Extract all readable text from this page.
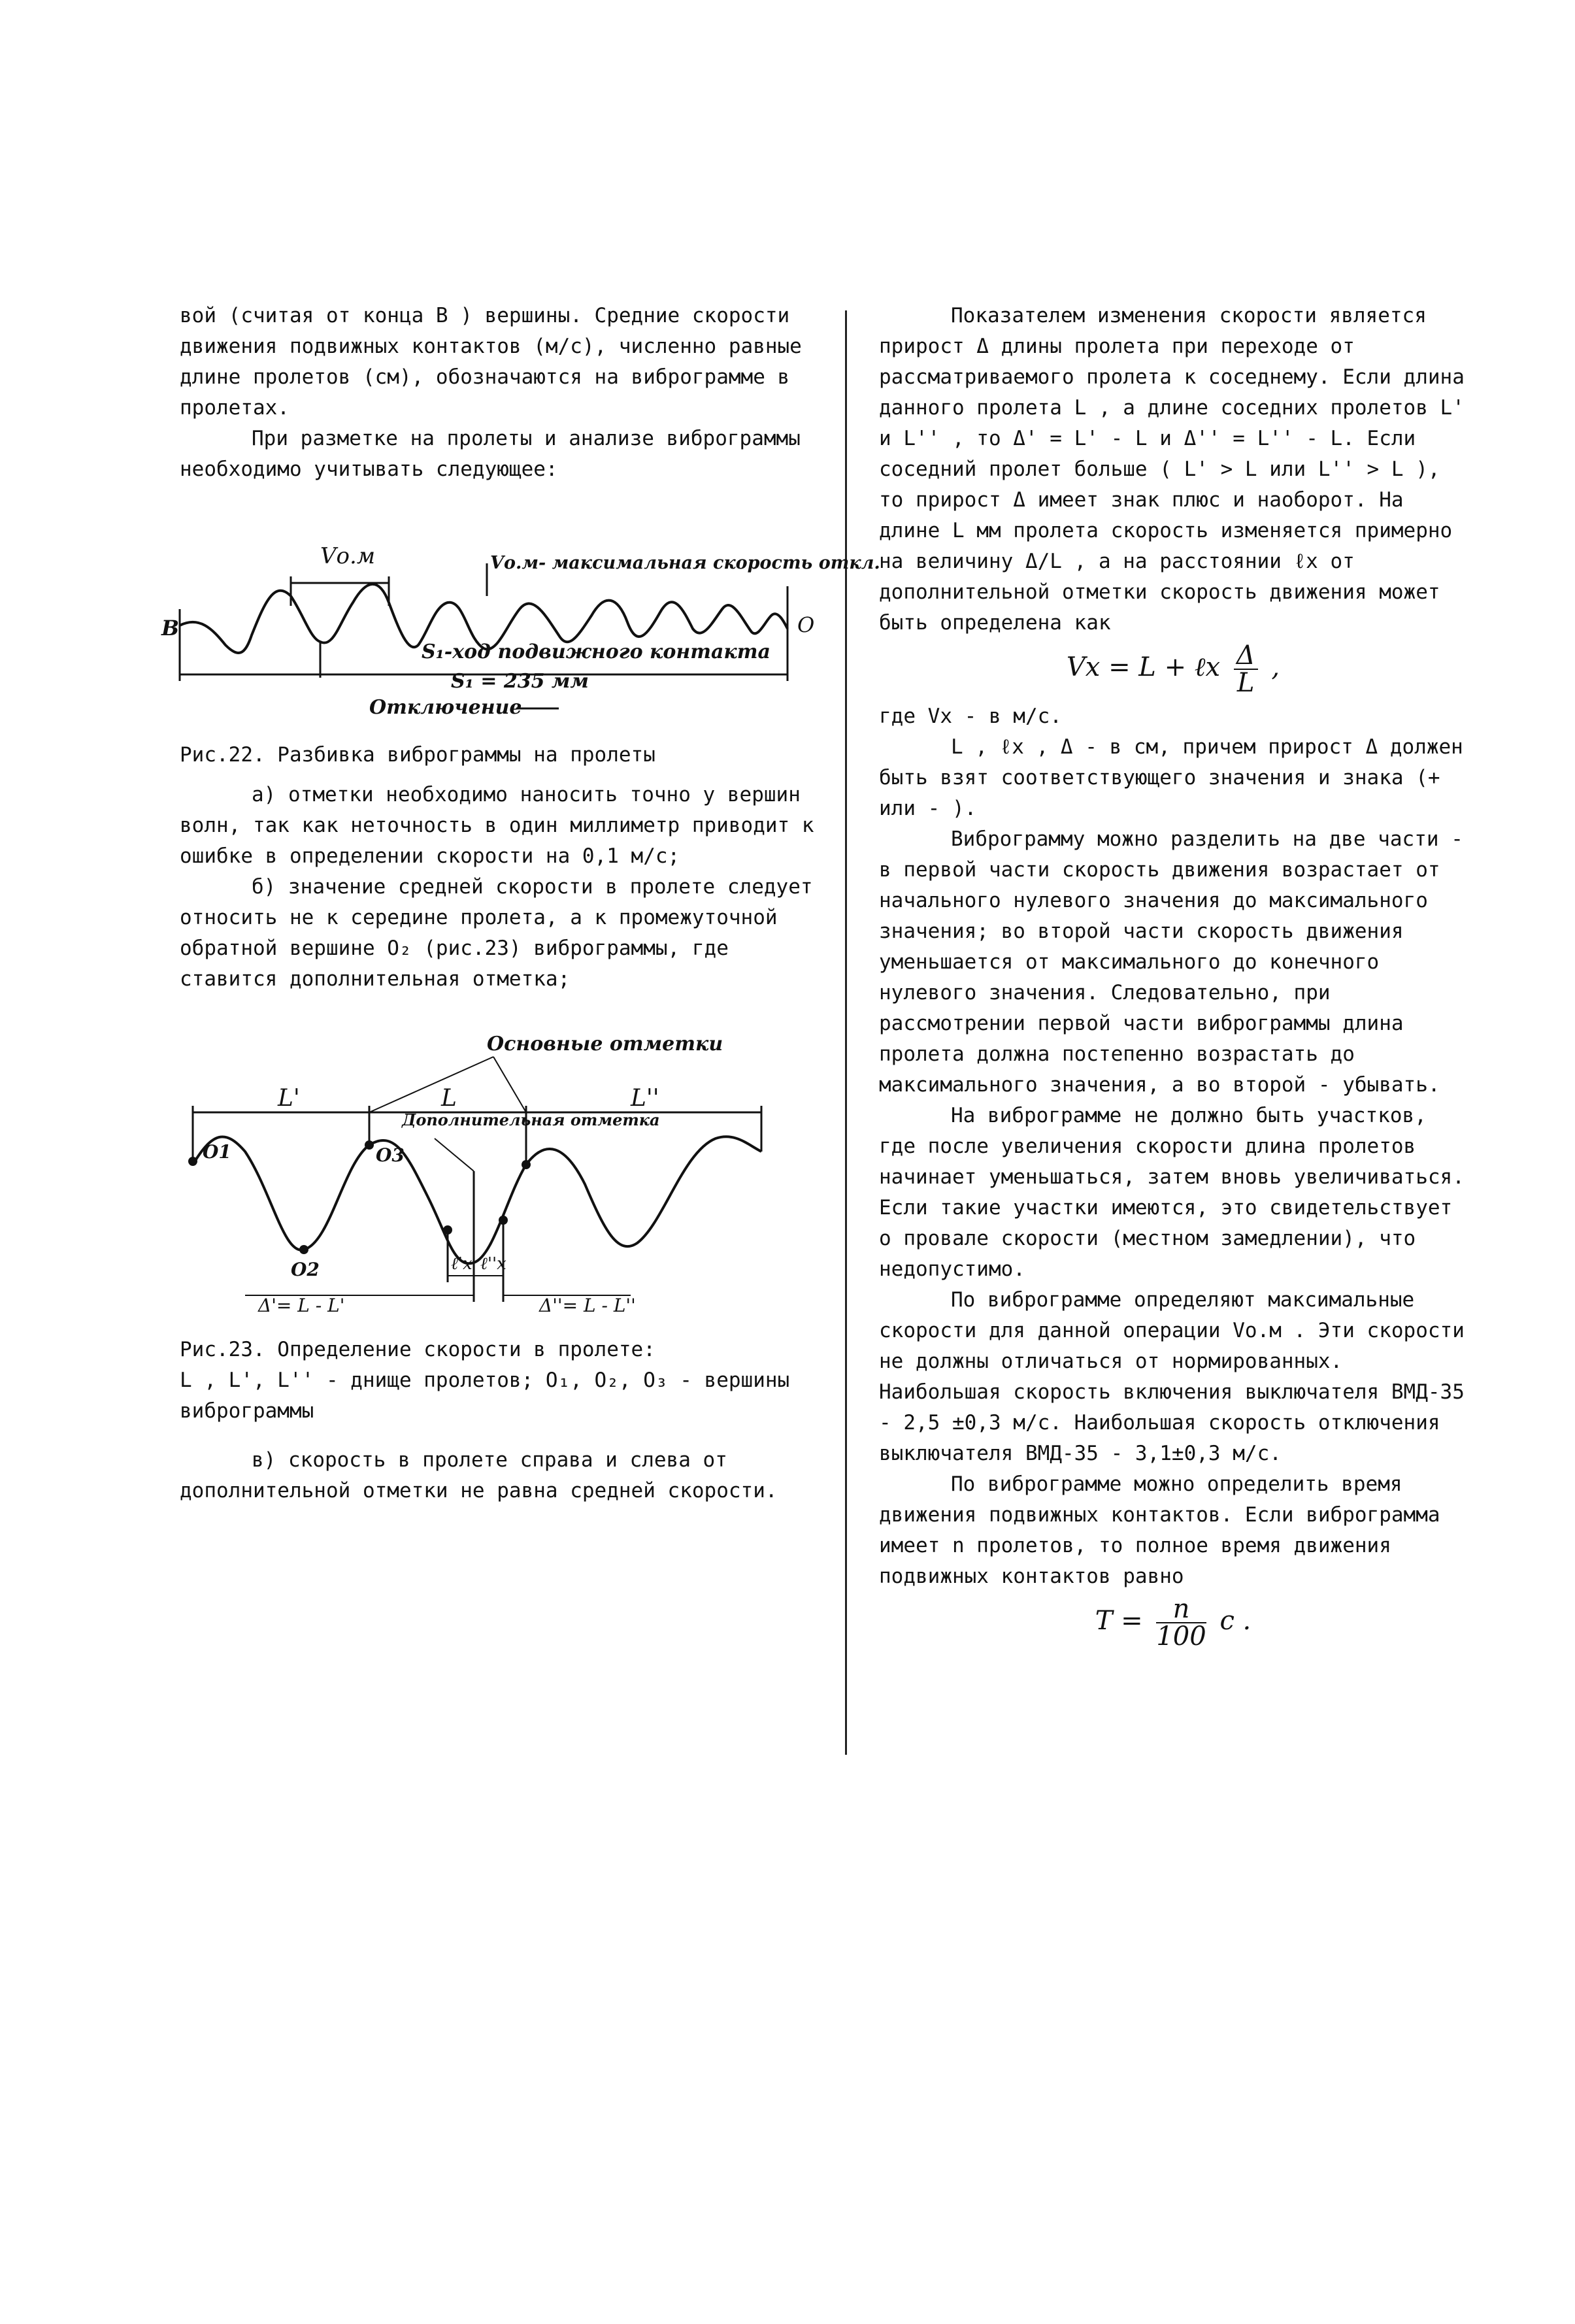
вой (считая от конца В ) вершины. Средние скорости движения подвижных контактов (м/с), численно равные длине пролетов (см), обозначаются на виброграмме в пролетах.

При разметке на пролеты и анализе виброграммы необходимо учитывать следующее:

Vо.м	Vо.м- максимальная скорость откл.
В	О
S₁-ход подвижного контакта
S₁ = 235 мм
Отключение

Рис.22. Разбивка виброграммы на пролеты

а) отметки необходимо наносить точно у вершин волн, так как неточность в один миллиметр приводит к ошибке в определении скорости на 0,1 м/с;

б) значение средней скорости в пролете следует относить не к середине пролета, а к промежуточной обратной вершине O₂ (рис.23) виброграммы, где ставится дополнительная отметка;

Основные отметки
Дополнительная отметка
L'	L	L''
O1
O2
O3
ℓ'x ℓ''x
Δ'= L - L'	Δ''= L - L''

Рис.23. Определение скорости в пролете:

L , L', L'' - днище пролетов; O₁, O₂, O₃ - вершины виброграммы

в) скорость в пролете справа и слева от дополнительной отметки не равна средней скорости.

Показателем изменения скорости является прирост Δ длины пролета при переходе от рассматриваемого пролета к соседнему. Если длина данного пролета L , а длине соседних пролетов L' и L'' , то Δ' = L' - L и Δ'' = L'' - L. Если соседний пролет больше ( L' > L или L'' > L ), то прирост Δ имеет знак плюс и наоборот. На длине L мм пролета скорость изменяется примерно на величину Δ/L , а на расстоянии ℓx от дополнительной отметки скорость движения может быть определена как

Vx = L + ℓx $\frac{\Delta}{L}$ ,

где Vx - в м/с.

L , ℓx , Δ - в см, причем прирост Δ должен быть взят соответствующего значения и знака (+ или - ).

Виброграмму можно разделить на две части - в первой части скорость движения возрастает от начального нулевого значения до максимального значения; во второй части скорость движения уменьшается от максимального до конечного нулевого значения. Следовательно, при рассмотрении первой части виброграммы длина пролета должна постепенно возрастать до максимального значения, а во второй - убывать.

На виброграмме не должно быть участков, где после увеличения скорости длина пролетов начинает уменьшаться, затем вновь увеличиваться. Если такие участки имеются, это свидетельствует о провале скорости (местном замедлении), что недопустимо.

По виброграмме определяют максимальные скорости для данной операции Vо.м . Эти скорости не должны отличаться от нормированных. Наибольшая скорость включения выключателя ВМД-35 - 2,5 ±0,3 м/с. Наибольшая скорость отключения выключателя ВМД-35 - 3,1±0,3 м/с.

По виброграмме можно определить время движения подвижных контактов. Если виброграмма имеет n пролетов, то полное время движения подвижных контактов равно

$T = \frac{n}{100}$ c .
